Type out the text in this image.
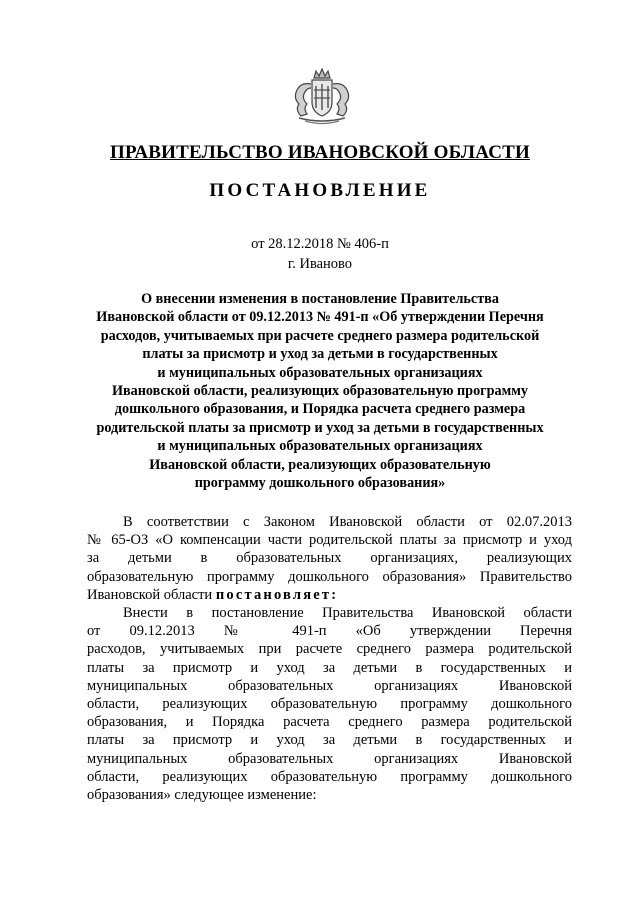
ПРАВИТЕЛЬСТВО ИВАНОВСКОЙ ОБЛАСТИ
ПОСТАНОВЛЕНИЕ
от 28.12.2018 № 406-п
г. Иваново
О внесении изменения в постановление Правительства
Ивановской области от 09.12.2013 № 491-п «Об утверждении Перечня
расходов, учитываемых при расчете среднего размера родительской
платы за присмотр и уход за детьми в государственных
и муниципальных образовательных организациях
Ивановской области, реализующих образовательную программу
дошкольного образования, и Порядка расчета среднего размера
родительской платы за присмотр и уход за детьми в государственных
и муниципальных образовательных организациях
Ивановской области, реализующих образовательную
программу дошкольного образования»
В соответствии с Законом Ивановской области от 02.07.2013
№ 65-ОЗ «О компенсации части родительской платы за присмотр и уход
за детьми в образовательных организациях, реализующих
образовательную программу дошкольного образования» Правительство
Ивановской области постановляет:
Внести в постановление Правительства Ивановской области
от 09.12.2013 № 491-п «Об утверждении Перечня
расходов, учитываемых при расчете среднего размера родительской
платы за присмотр и уход за детьми в государственных и
муниципальных образовательных организациях Ивановской
области, реализующих образовательную программу дошкольного
образования, и Порядка расчета среднего размера родительской
платы за присмотр и уход за детьми в государственных и
муниципальных образовательных организациях Ивановской
области, реализующих образовательную программу дошкольного
образования» следующее изменение:
